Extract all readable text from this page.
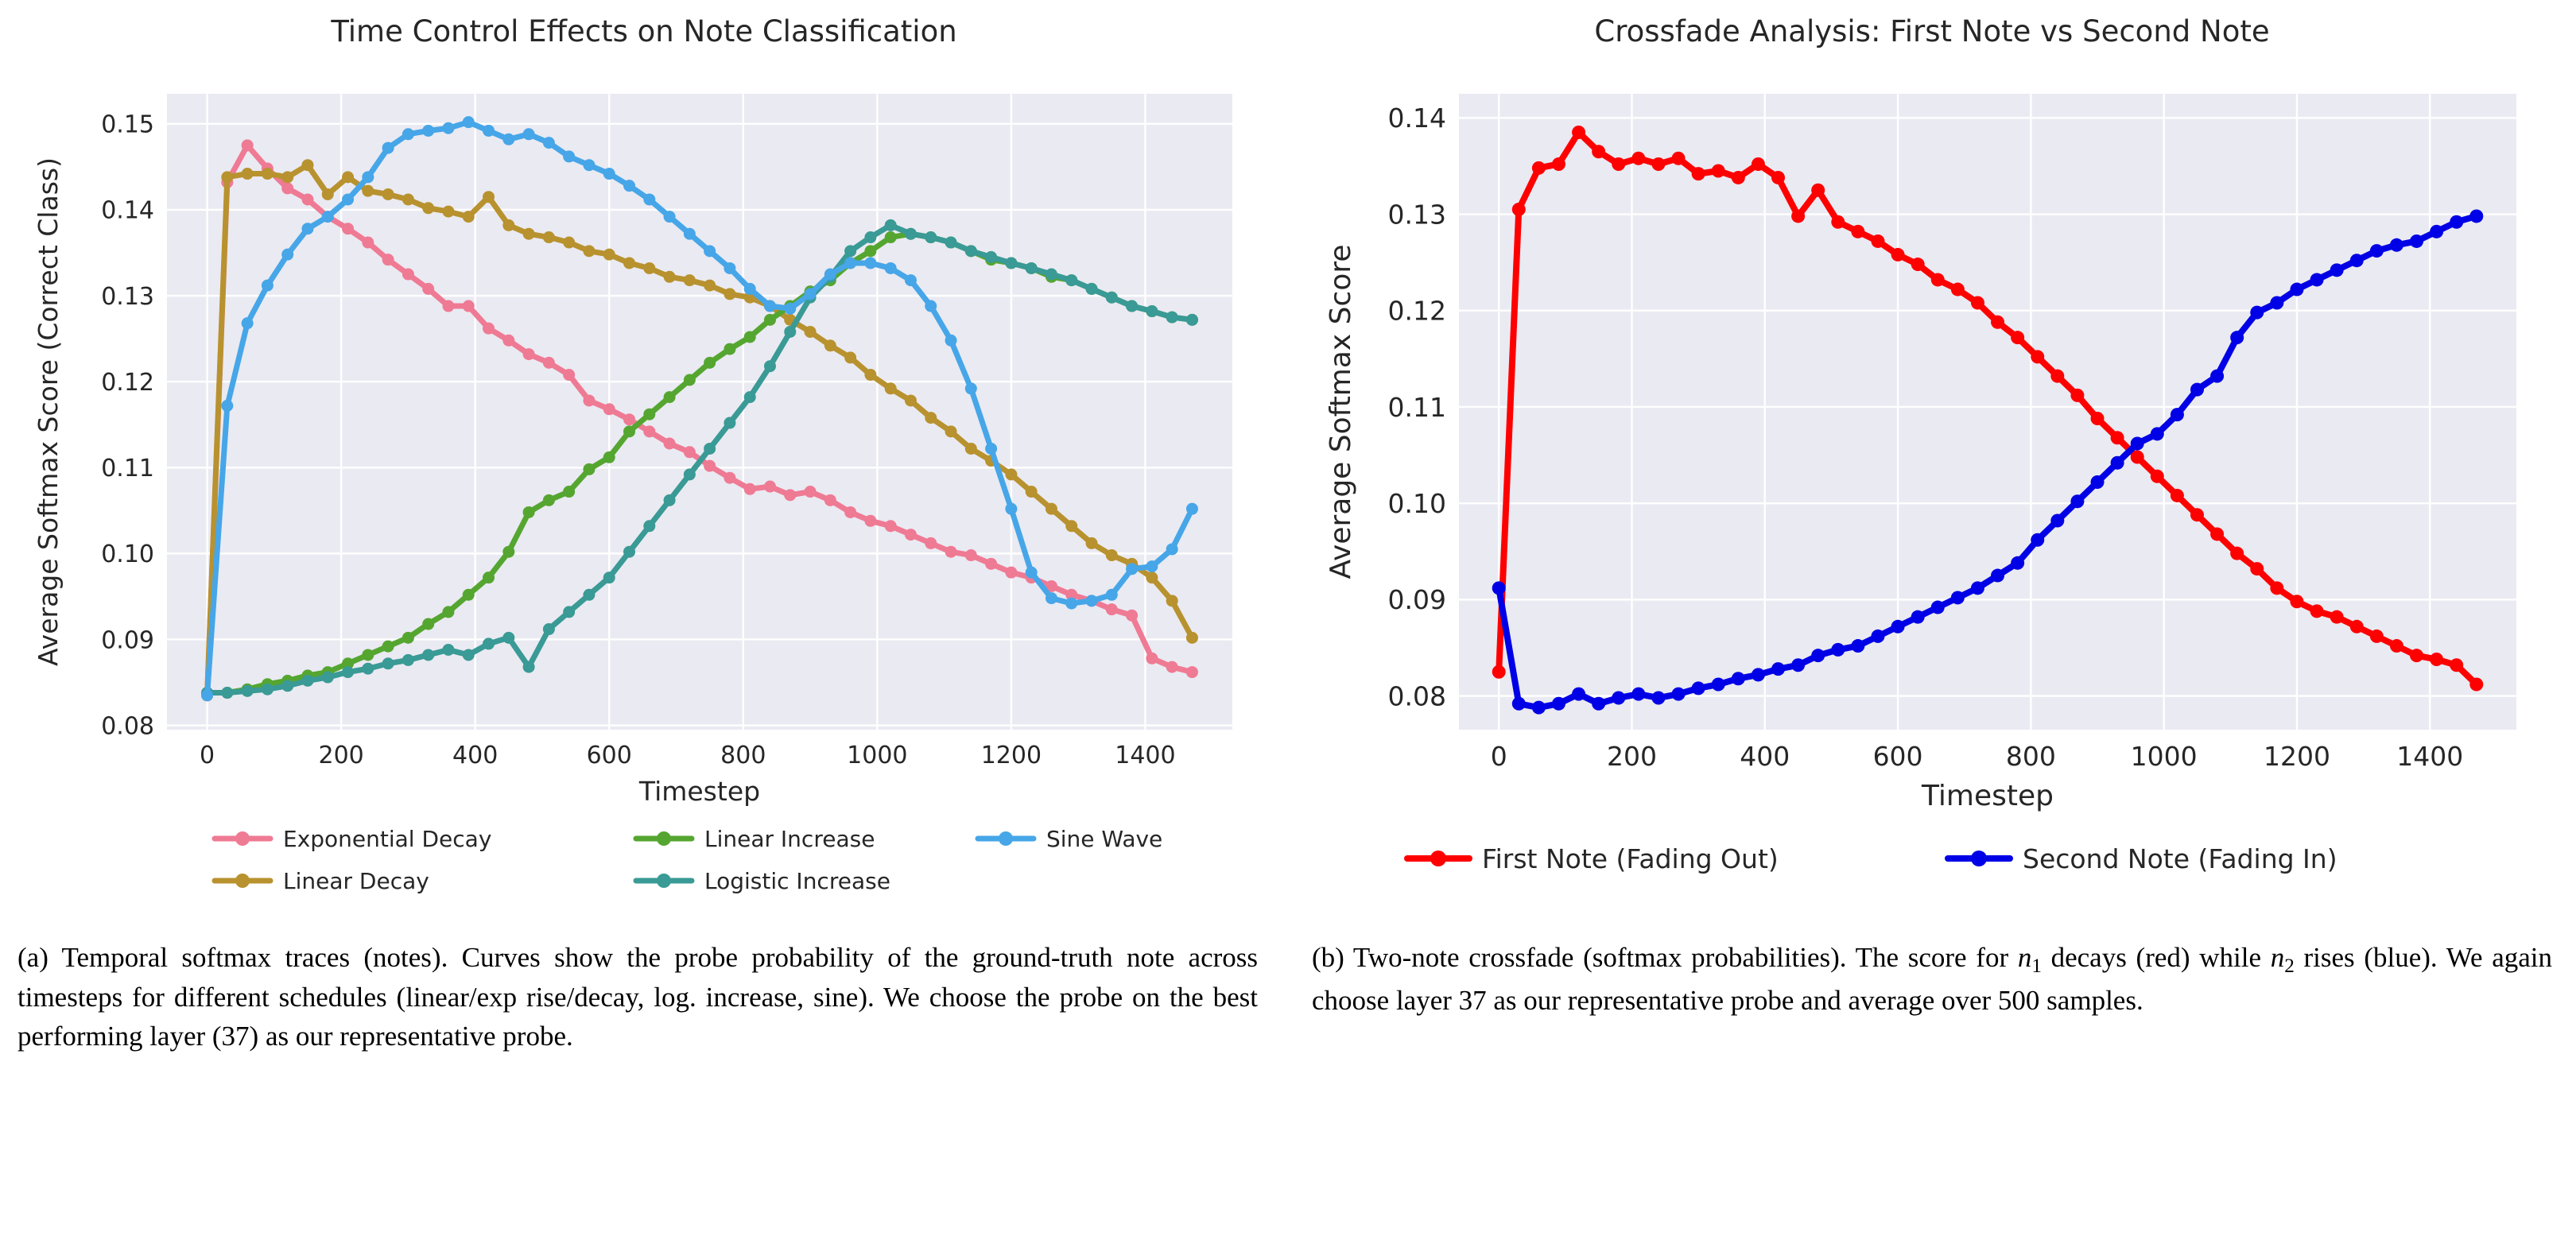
Time Control Effects on Note Classification
0.08
0.09
0.10
0.11
0.12
0.13
0.14
0.15
0	200	400	600	800	1000	1200	1400
Timestep
Average Softmax Score (Correct Class)
Exponential Decay
Linear Decay
Linear Increase
Logistic Increase
Sine Wave
Crossfade Analysis: First Note vs Second Note
0.08
0.09
0.10
0.11
0.12
0.13
0.14
0	200	400	600	800	1000	1200	1400
Timestep
Average Softmax Score
First Note (Fading Out)	Second Note (Fading In)
(a) Temporal softmax traces (notes). Curves show the probe probability of the ground-truth note across timesteps for different schedules (linear/exp rise/decay, log. increase, sine). We choose the probe on the best performing layer (37) as our representative probe.
(b) Two-note crossfade (softmax probabilities). The score for $n_1$ decays (red) while $n_2$ rises (blue). We again choose layer 37 as our representative probe and average over 500 samples.
